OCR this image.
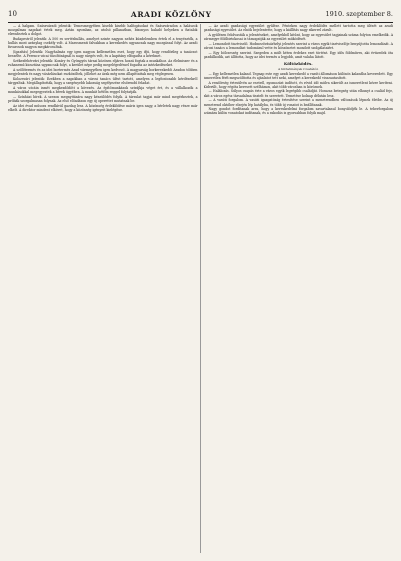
10	ARADI KÖZLÖNY	1910. szeptember 8.

— A halgam. Szászváradi jelentik: Temesmegyében kisebb kisebb halfogásokat és Szászváradon a halászok mozgalmas napokat értek meg. Aztán nyomban, az utolsó pillanatban, bizonyos haladó helyeken a fiatalok elrendeztek a dolgot.

Budapestről jelentik: A 500 es sertéshullás, amelyet szinte nagyon nehéz küzdelemben értek el a tenyésztők, a hullás most aránylag csekély volt. A Marosmenti falvakban a kereskedés ugyancsak nagy mozgással folyt. Az aradi fuvarosok nagyon megkárosultak.

(Igazítás) Jelentik: Nagyhalmás egy igen nagyon kellemetlen eset, hogy egy ifjú, hogy rendőrileg a tanácsot beszélte. A Ferencz-utcai tűzoltóságnál is nagy sürgés volt, és a kapitány elfogadta a kérelmet.

Székesfehérvári jelentik: Kozáry és Gyöngyös társai közösen eljárva hozzá fogtak a munkához. Az élelmiszer és a ruhanemű kiosztása ugyancsak folyt, a kerület népe pedig megelégedéssel fogadta az intézkedéseket.

A szőlőtermés és az idei bortermés Arad vármegyében igen kedvező. A magyarság borkereskedői Aradon többen megjelentek és nagy vásárlásokat eszközöltek, jóllehet az árak még nem állapíttattak meg véglegesen.

Kolozsvári jelentik: Ezekben a napokban a városi tanács ülést tartott, amelyen a legfontosabb kérdésekről tárgyaltak. Megállapították, hogy a szegényebb lakosság segélyezése elsőrendű feladat.

A város utcáin ismét megkezdődött a kövezés. Az építőmunkások sztrájkja véget ért, és a vállalkozók a munkásokkal megegyeztek a bérek ügyében. A munkát hétfőn reggel folytatják.

— Színházi hírek. A szezon megnyitására nagy készülődés folyik. A társulat tagjai már mind megérkeztek, a próbák szorgalmasan folynak. Az első előadáson egy új operettet mutatnak be.

Az idei évad műsora rendkívül gazdag lesz. A közönség érdeklődése máris igen nagy, a bérletek nagy része már elkelt. A direktor mindent elkövet, hogy a közönség igényeit kielégítse.

— Az aradi gazdasági egyesület gyűlése. Pénteken nagy érdeklődés mellett tartotta meg ülését az aradi gazdasági egyesület. Az elnök bejelentette, hogy a kiállítás nagy sikerrel zárult.

A gyűlésen felolvasták a jelentéseket, amelyekből kitűnt, hogy az egyesület tagjainak száma folyton emelkedik. A vármegye földbirtokosai is támogatják az egyesület működését.

— Lemondott tisztviselő. Hodmezővásárhelyi jelentés szerint a város egyik tisztviselője benyújtotta lemondását. A városi tanács a lemondást tudomásul vette és köszönetet mondott szolgálataiért.

— Egy bölcsesség szerint. Szegeden a múlt héten érdekes eset történt. Egy idős földműves, aki évtizedek óta gazdálkodik, azt állította, hogy az idei termés a legjobb, amit valaha látott.

Költözködés.

A hirdetmények rovatából.

— Egy kellemetlen kaland. Tegnap este egy aradi kereskedő a vasúti állomáson különös kalandba keveredett. Egy ismeretlen férfi megszólította és ajánlatot tett neki, amelyet a kereskedő visszautasított.

A rendőrség értesülvén az esetről, nyomozást indított, és rövid idő múlva sikerült az ismeretlent kézre keríteni. Kiderült, hogy régóta keresett szélhámos, akit több városban is köröznek.

— Halálozás. Súlyos csapás érte a város egyik legrégibb családját. Hosszas betegség után elhunyt a család feje, akit a város egész társadalma tisztelt és szeretett. Temetése holnap délután lesz.

— A vasúti forgalom. A vasúti igazgatóság értesítése szerint a menetrendben változások lépnek életbe. Az új menetrend október elsején lép hatályba, és több új vonatot is beállítanak.

Nagy gondot fordítanak arra, hogy a kereskedelmi forgalom zavartalanul bonyolódjék le. A teherforgalom számára külön vonatokat indítanak, és a rakodás is gyorsabban folyik majd.
